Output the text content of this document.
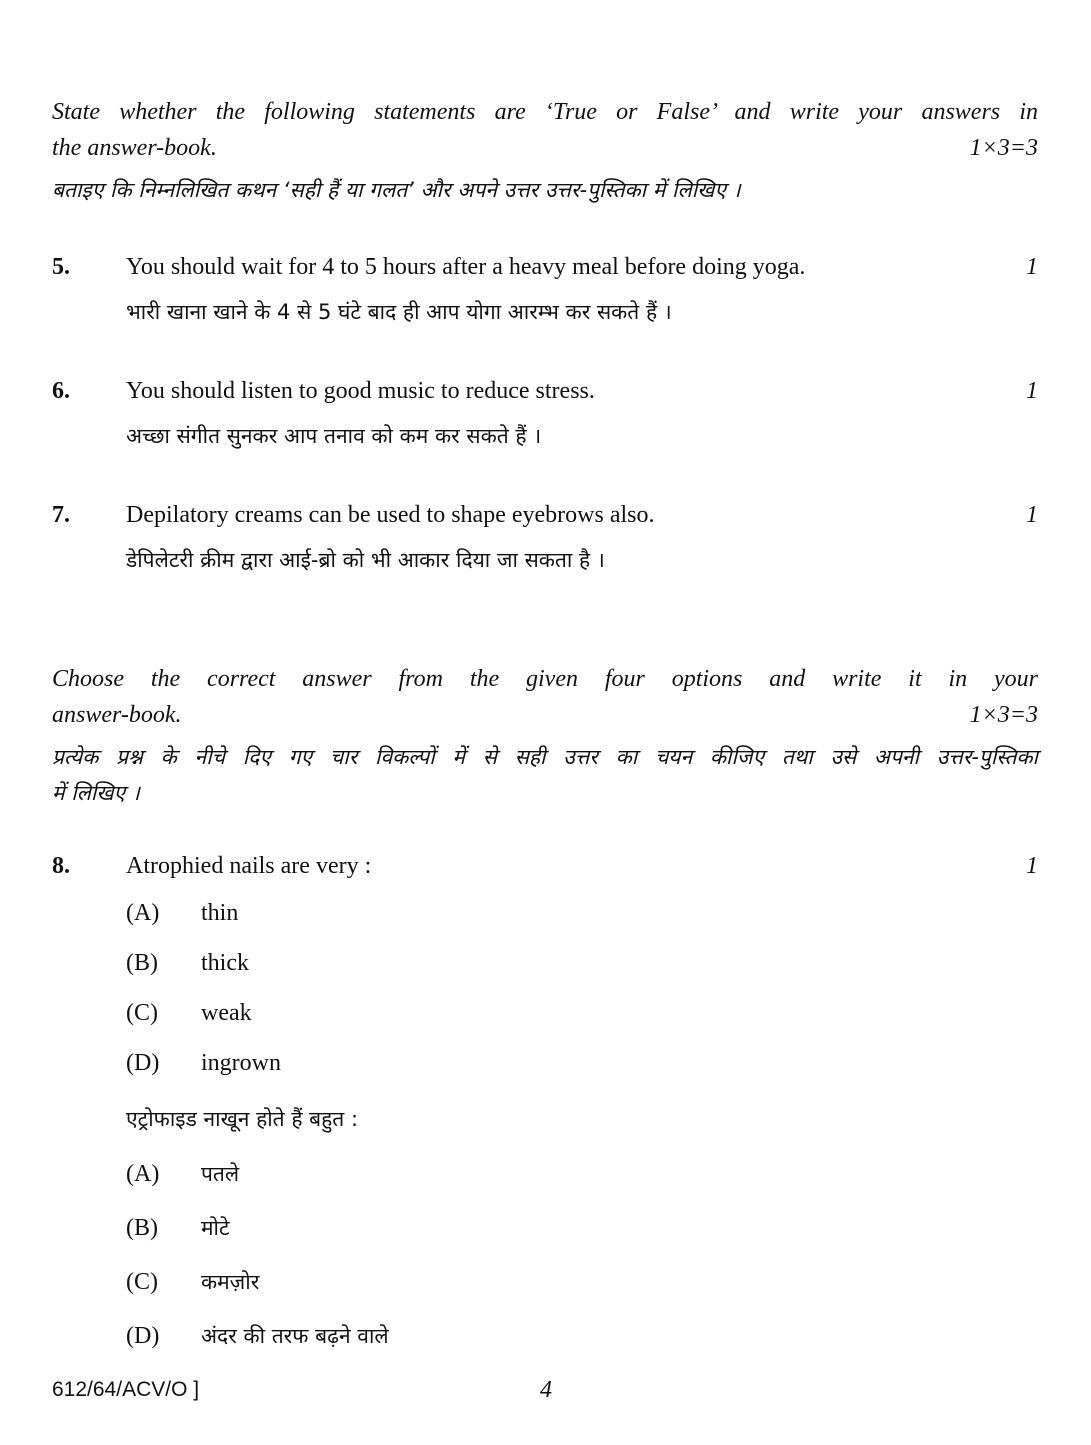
State whether the following statements are ‘True or False’ and write your answers in
the answer-book.	1×3=3
बताइए कि निम्नलिखित कथन ‘सही हैं या गलत’ और अपने उत्तर उत्तर-पुस्तिका में लिखिए ।
5.	You should wait for 4 to 5 hours after a heavy meal before doing yoga.	1
भारी खाना खाने के 4 से 5 घंटे बाद ही आप योगा आरम्भ कर सकते हैं ।
6.	You should listen to good music to reduce stress.	1
अच्छा संगीत सुनकर आप तनाव को कम कर सकते हैं ।
7.	Depilatory creams can be used to shape eyebrows also.	1
डेपिलेटरी क्रीम द्वारा आई-ब्रो को भी आकार दिया जा सकता है ।
Choose the correct answer from the given four options and write it in your
answer-book.	1×3=3
प्रत्येक प्रश्न के नीचे दिए गए चार विकल्पों में से सही उत्तर का चयन कीजिए तथा उसे अपनी उत्तर-पुस्तिका
में लिखिए ।
8.	Atrophied nails are very :	1
(A)	thin
(B)	thick
(C)	weak
(D)	ingrown
एट्रोफाइड नाखून होते हैं बहुत :
(A)	पतले
(B)	मोटे
(C)	कमज़ोर
(D)	अंदर की तरफ बढ़ने वाले
612/64/ACV/O ]	4
